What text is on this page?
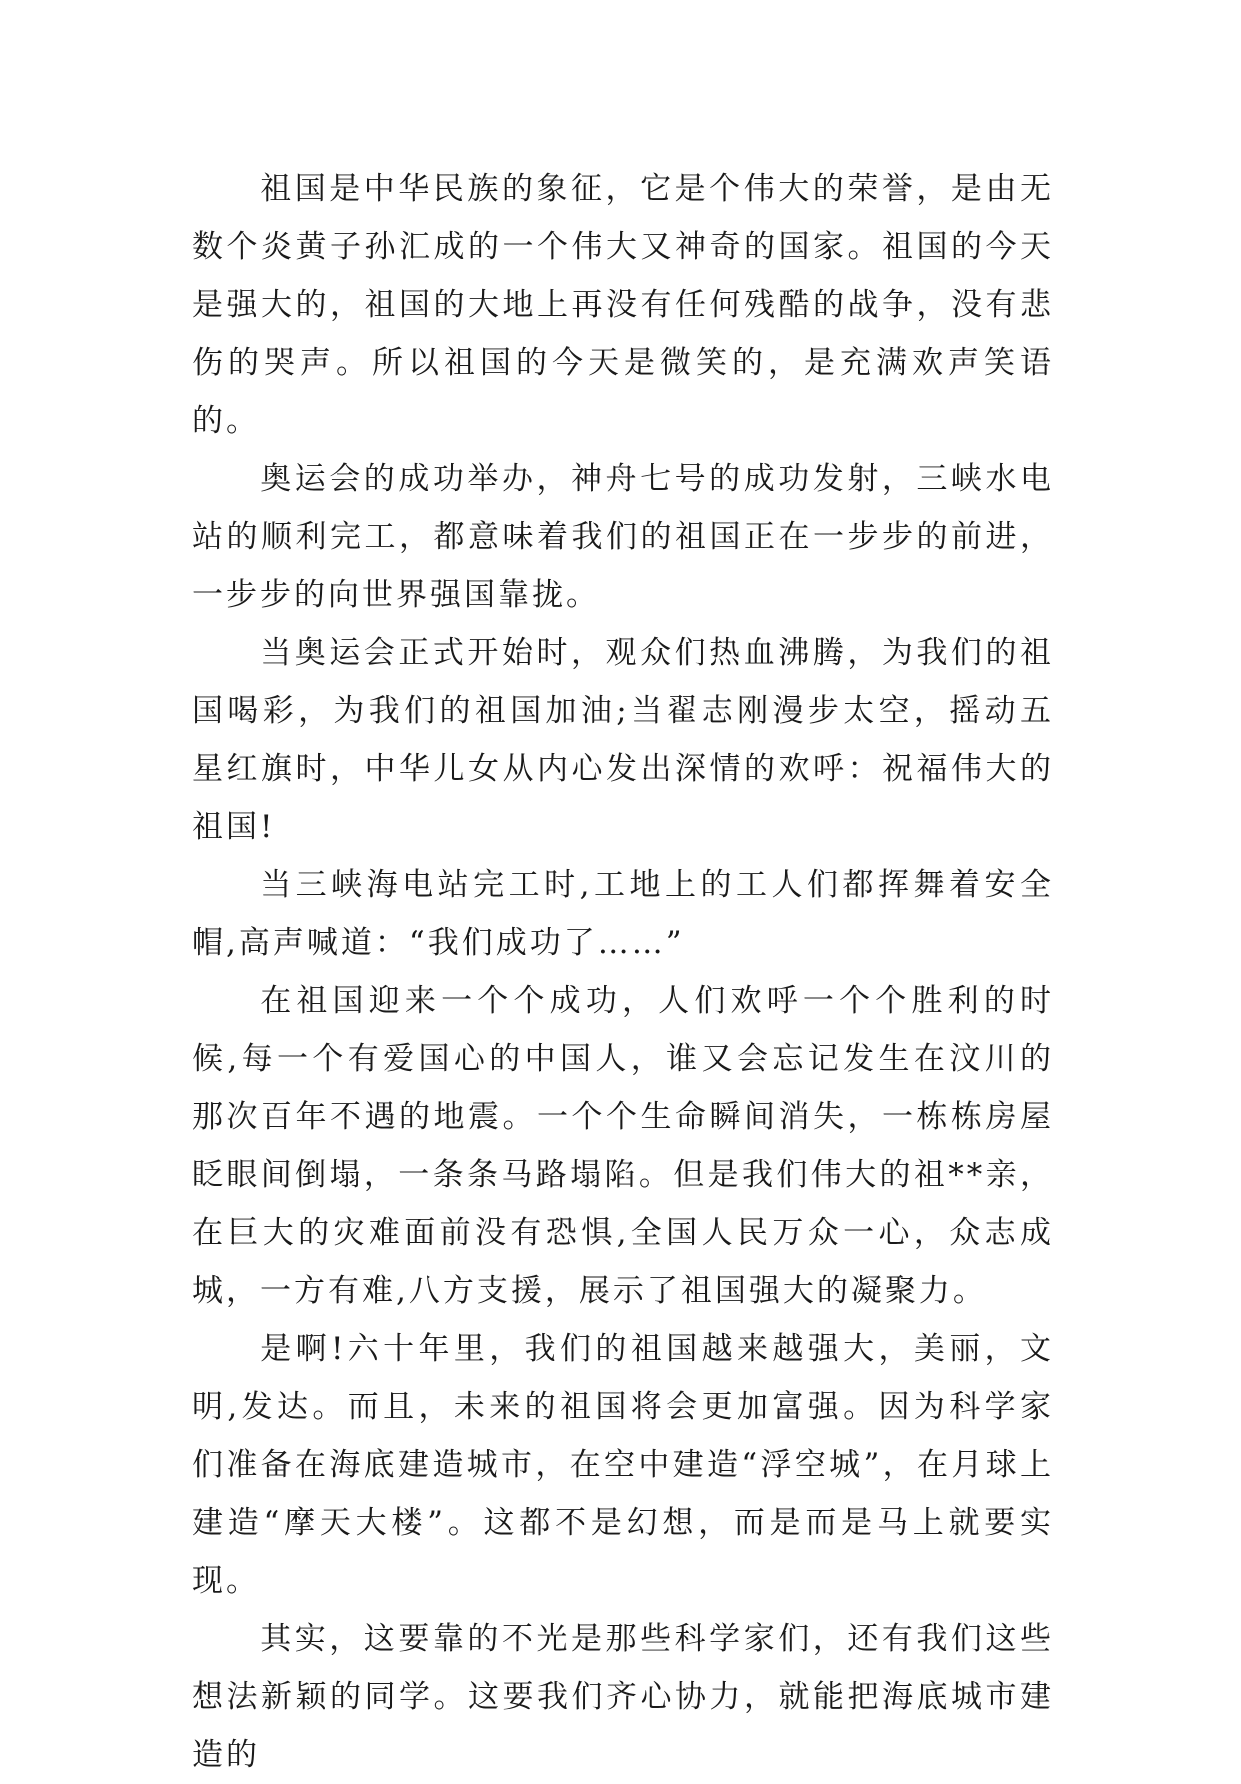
祖国是中华民族的象征，它是个伟大的荣誉，是由无数个炎黄子孙汇成的一个伟大又神奇的国家。祖国的今天是强大的，祖国的大地上再没有任何残酷的战争，没有悲伤的哭声。所以祖国的今天是微笑的，是充满欢声笑语的。

奥运会的成功举办，神舟七号的成功发射，三峡水电站的顺利完工，都意味着我们的祖国正在一步步的前进，一步步的向世界强国靠拢。

当奥运会正式开始时，观众们热血沸腾，为我们的祖国喝彩，为我们的祖国加油;当翟志刚漫步太空，摇动五星红旗时，中华儿女从内心发出深情的欢呼：祝福伟大的祖国!

当三峡海电站完工时,工地上的工人们都挥舞着安全帽,高声喊道：“我们成功了……”

在祖国迎来一个个成功，人们欢呼一个个胜利的时候,每一个有爱国心的中国人，谁又会忘记发生在汶川的那次百年不遇的地震。一个个生命瞬间消失，一栋栋房屋眨眼间倒塌，一条条马路塌陷。但是我们伟大的祖**亲，在巨大的灾难面前没有恐惧,全国人民万众一心，众志成城，一方有难,八方支援，展示了祖国强大的凝聚力。

是啊!六十年里，我们的祖国越来越强大，美丽，文明,发达。而且，未来的祖国将会更加富强。因为科学家们准备在海底建造城市，在空中建造“浮空城”，在月球上建造“摩天大楼”。这都不是幻想，而是而是马上就要实现。

其实，这要靠的不光是那些科学家们，还有我们这些想法新颖的同学。这要我们齐心协力，就能把海底城市建造的
